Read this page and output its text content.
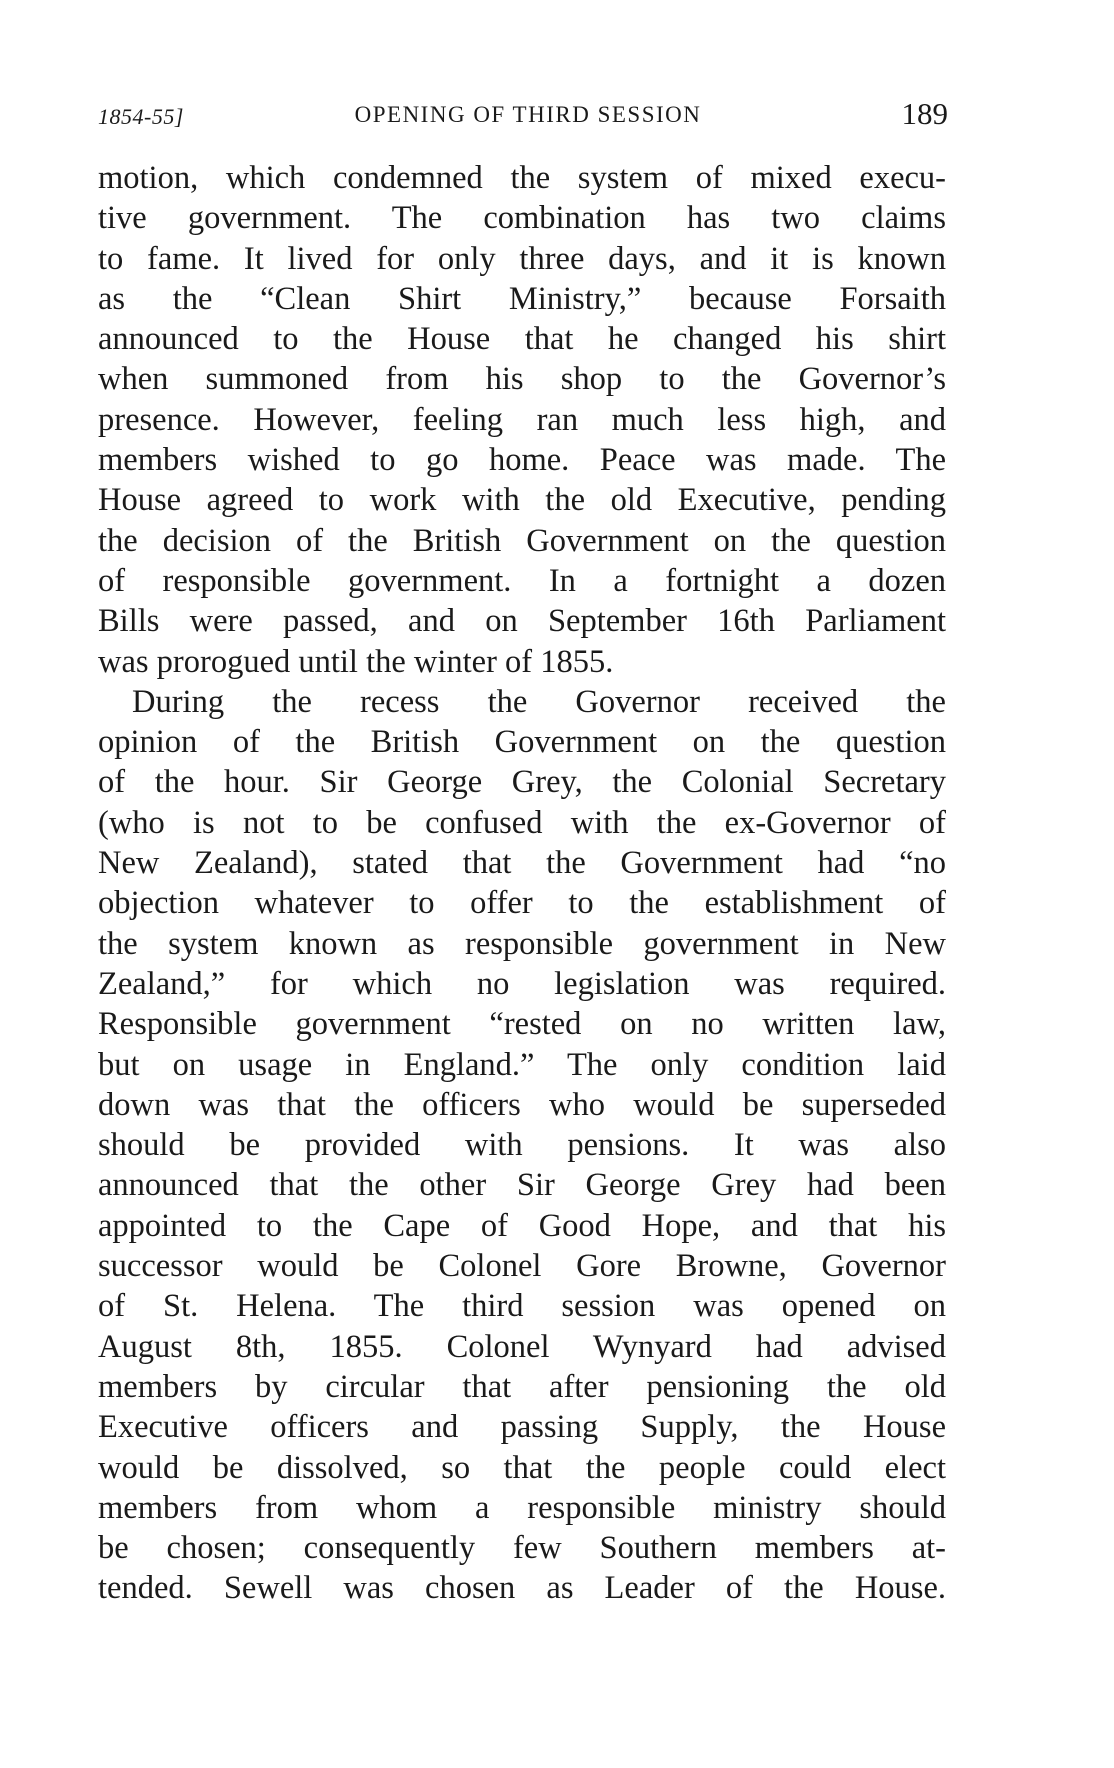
1854-55]	OPENING OF THIRD SESSION	189
motion, which condemned the system of mixed execu-
tive government. The combination has two claims
to fame. It lived for only three days, and it is known
as the “Clean Shirt Ministry,” because Forsaith
announced to the House that he changed his shirt
when summoned from his shop to the Governor’s
presence. However, feeling ran much less high, and
members wished to go home. Peace was made. The
House agreed to work with the old Executive, pending
the decision of the British Government on the question
of responsible government. In a fortnight a dozen
Bills were passed, and on September 16th Parliament
was prorogued until the winter of 1855.
During the recess the Governor received the
opinion of the British Government on the question
of the hour. Sir George Grey, the Colonial Secretary
(who is not to be confused with the ex-Governor of
New Zealand), stated that the Government had “no
objection whatever to offer to the establishment of
the system known as responsible government in New
Zealand,” for which no legislation was required.
Responsible government “rested on no written law,
but on usage in England.” The only condition laid
down was that the officers who would be superseded
should be provided with pensions. It was also
announced that the other Sir George Grey had been
appointed to the Cape of Good Hope, and that his
successor would be Colonel Gore Browne, Governor
of St. Helena. The third session was opened on
August 8th, 1855. Colonel Wynyard had advised
members by circular that after pensioning the old
Executive officers and passing Supply, the House
would be dissolved, so that the people could elect
members from whom a responsible ministry should
be chosen; consequently few Southern members at-
tended. Sewell was chosen as Leader of the House.
